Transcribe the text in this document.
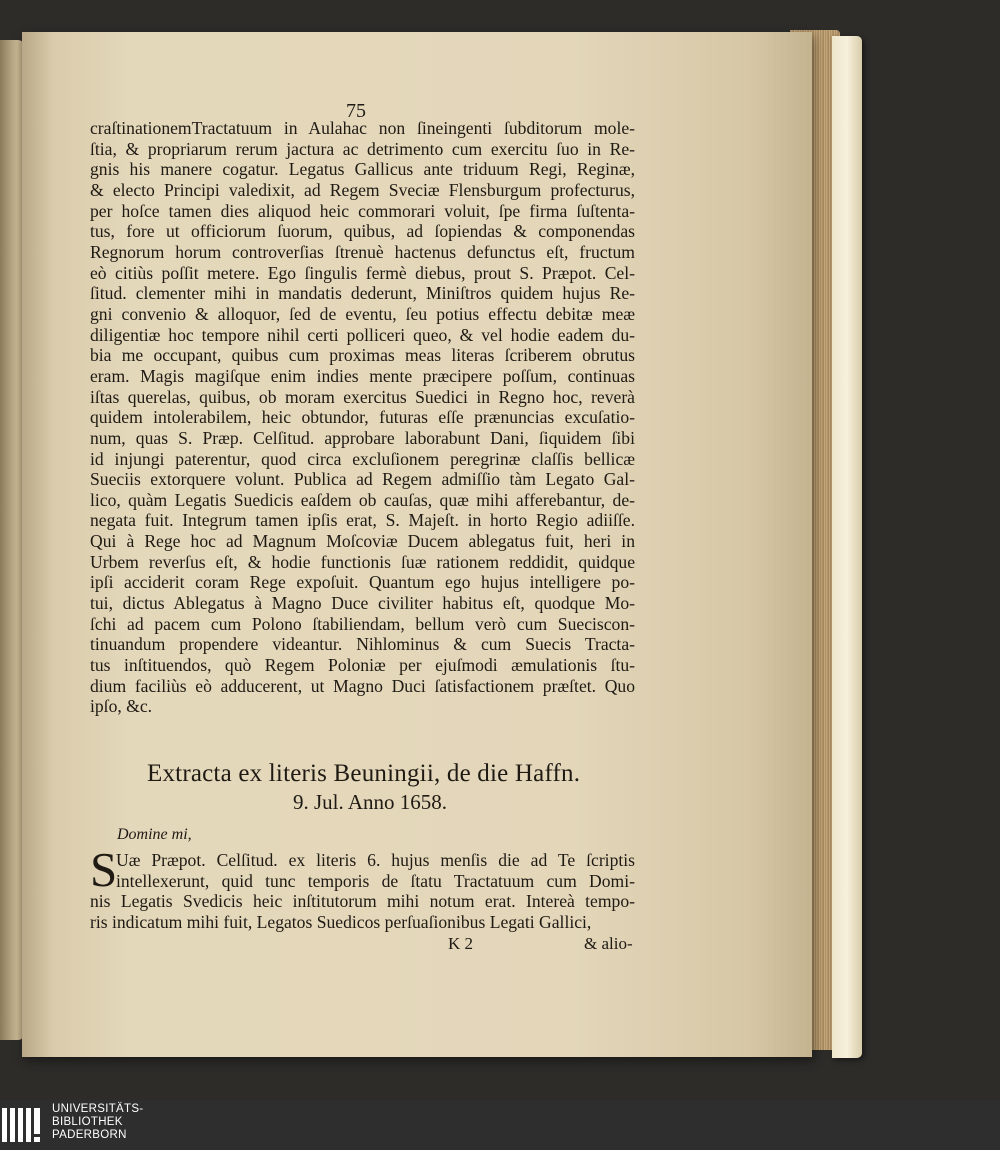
75
craſtinationemTractatuum in Aulahac non ſineingenti ſubditorum mole-
ſtia, & propriarum rerum jactura ac detrimento cum exercitu ſuo in Re-
gnis his manere cogatur. Legatus Gallicus ante triduum Regi, Reginæ,
& electo Principi valedixit, ad Regem Sveciæ Flensburgum profecturus,
per hoſce tamen dies aliquod heic commorari voluit, ſpe firma ſuſtenta-
tus, fore ut officiorum ſuorum, quibus, ad ſopiendas & componendas
Regnorum horum controverſias ſtrenuè hactenus defunctus eſt, fructum
eò citiùs poſſit metere. Ego ſingulis fermè diebus, prout S. Præpot. Cel-
ſitud. clementer mihi in mandatis dederunt, Miniſtros quidem hujus Re-
gni convenio & alloquor, ſed de eventu, ſeu potius effectu debitæ meæ
diligentiæ hoc tempore nihil certi polliceri queo, & vel hodie eadem du-
bia me occupant, quibus cum proximas meas literas ſcriberem obrutus
eram. Magis magiſque enim indies mente præcipere poſſum, continuas
iſtas querelas, quibus, ob moram exercitus Suedici in Regno hoc, reverà
quidem intolerabilem, heic obtundor, futuras eſſe prænuncias excuſatio-
num, quas S. Præp. Celſitud. approbare laborabunt Dani, ſiquidem ſibi
id injungi paterentur, quod circa excluſionem peregrinæ claſſis bellicæ
Sueciis extorquere volunt. Publica ad Regem admiſſio tàm Legato Gal-
lico, quàm Legatis Suedicis eaſdem ob cauſas, quæ mihi afferebantur, de-
negata fuit. Integrum tamen ipſis erat, S. Majeſt. in horto Regio adiiſſe.
Qui à Rege hoc ad Magnum Moſcoviæ Ducem ablegatus fuit, heri in
Urbem reverſus eſt, & hodie functionis ſuæ rationem reddidit, quidque
ipſi acciderit coram Rege expoſuit. Quantum ego hujus intelligere po-
tui, dictus Ablegatus à Magno Duce civiliter habitus eſt, quodque Mo-
ſchi ad pacem cum Polono ſtabiliendam, bellum verò cum Sueciscon-
tinuandum propendere videantur. Nihlominus & cum Suecis Tracta-
tus inſtituendos, quò Regem Poloniæ per ejuſmodi æmulationis ſtu-
dium faciliùs eò adducerent, ut Magno Duci ſatisfactionem præſtet. Quo
ipſo, &c.
Extracta ex literis Beuningii, de die Haffn.
9. Jul. Anno 1658.
Domine mi,
S
Uæ Præpot. Celſitud. ex literis 6. hujus menſis die ad Te ſcriptis
intellexerunt, quid tunc temporis de ſtatu Tractatuum cum Domi-
nis Legatis Svedicis heic inſtitutorum mihi notum erat. Intereà tempo-
ris indicatum mihi fuit, Legatos Suedicos perſuaſionibus Legati Gallici,
K 2	& alio-
UNIVERSITÄTS-
BIBLIOTHEK
PADERBORN
